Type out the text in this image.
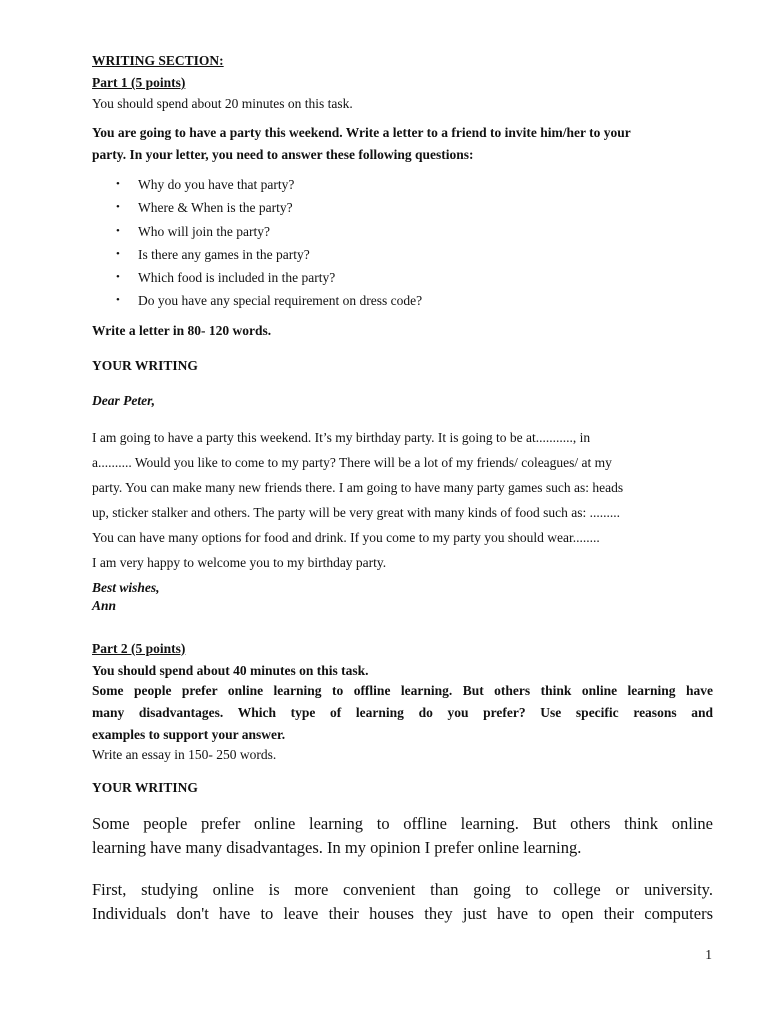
WRITING SECTION:

Part 1 (5 points)

You should spend about 20 minutes on this task.

You are going to have a party this weekend. Write a letter to a friend to invite him/her to your
party. In your letter, you need to answer these following questions:
• Why do you have that party?
• Where & When is the party?
• Who will join the party?
• Is there any games in the party?
• Which food is included in the party?
• Do you have any special requirement on dress code?

Write a letter in 80- 120 words.

YOUR WRITING

Dear Peter,

I am going to have a party this weekend. It’s my birthday party. It is going to be at..........., in
a.......... Would you like to come to my party? There will be a lot of my friends/ coleagues/ at my
party. You can make many new friends there. I am going to have many party games such as: heads
up, sticker stalker and others. The party will be very great with many kinds of food such as: .........
You can have many options for food and drink. If you come to my party you should wear........
I am very happy to welcome you to my birthday party.

Best wishes,

Ann

Part 2 (5 points)

You should spend about 40 minutes on this task.

Some people prefer online learning to offline learning. But others think online learning have
many disadvantages. Which type of learning do you prefer? Use specific reasons and
examples to support your answer.

Write an essay in 150- 250 words.

YOUR WRITING

Some people prefer online learning to offline learning. But others think online
learning have many disadvantages. In my opinion I prefer online learning.
First, studying online is more convenient than going to college or university.
Individuals don't have to leave their houses they just have to open their computers
1
